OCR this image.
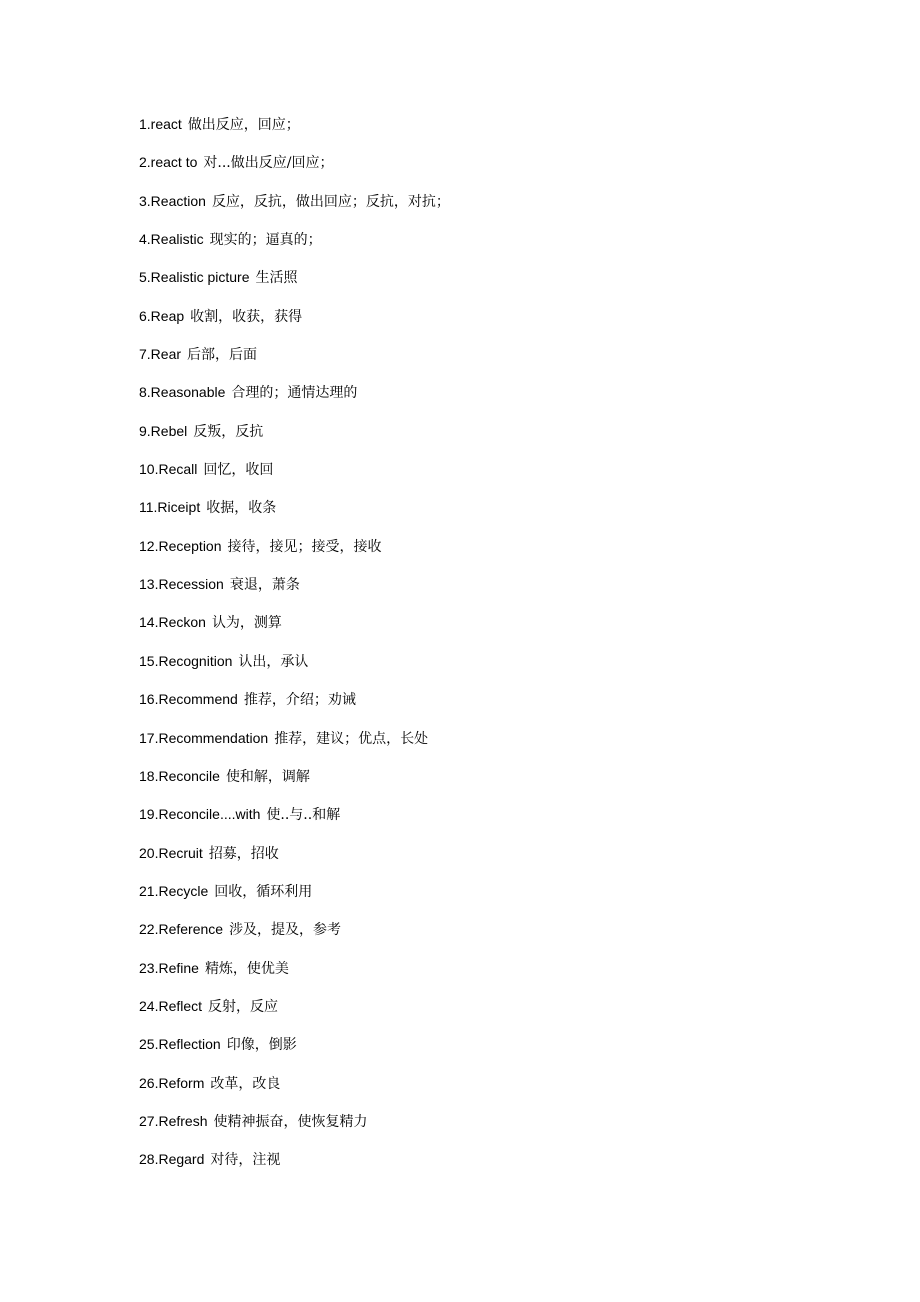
1.react 做出反应，回应；
2.react to 对...做出反应/回应；
3.Reaction 反应，反抗，做出回应；反抗，对抗；
4.Realistic 现实的；逼真的；
5.Realistic picture 生活照
6.Reap 收割，收获，获得
7.Rear 后部，后面
8.Reasonable 合理的；通情达理的
9.Rebel 反叛，反抗
10.Recall 回忆，收回
11.Riceipt 收据，收条
12.Reception 接待，接见；接受，接收
13.Recession 衰退，萧条
14.Reckon 认为，测算
15.Recognition 认出，承认
16.Recommend 推荐，介绍；劝诫
17.Recommendation 推荐，建议；优点，长处
18.Reconcile 使和解，调解
19.Reconcile....with 使..与..和解
20.Recruit 招募，招收
21.Recycle 回收，循环利用
22.Reference 涉及，提及，参考
23.Refine 精炼，使优美
24.Reflect 反射，反应
25.Reflection 印像，倒影
26.Reform 改革，改良
27.Refresh 使精神振奋，使恢复精力
28.Regard 对待，注视
